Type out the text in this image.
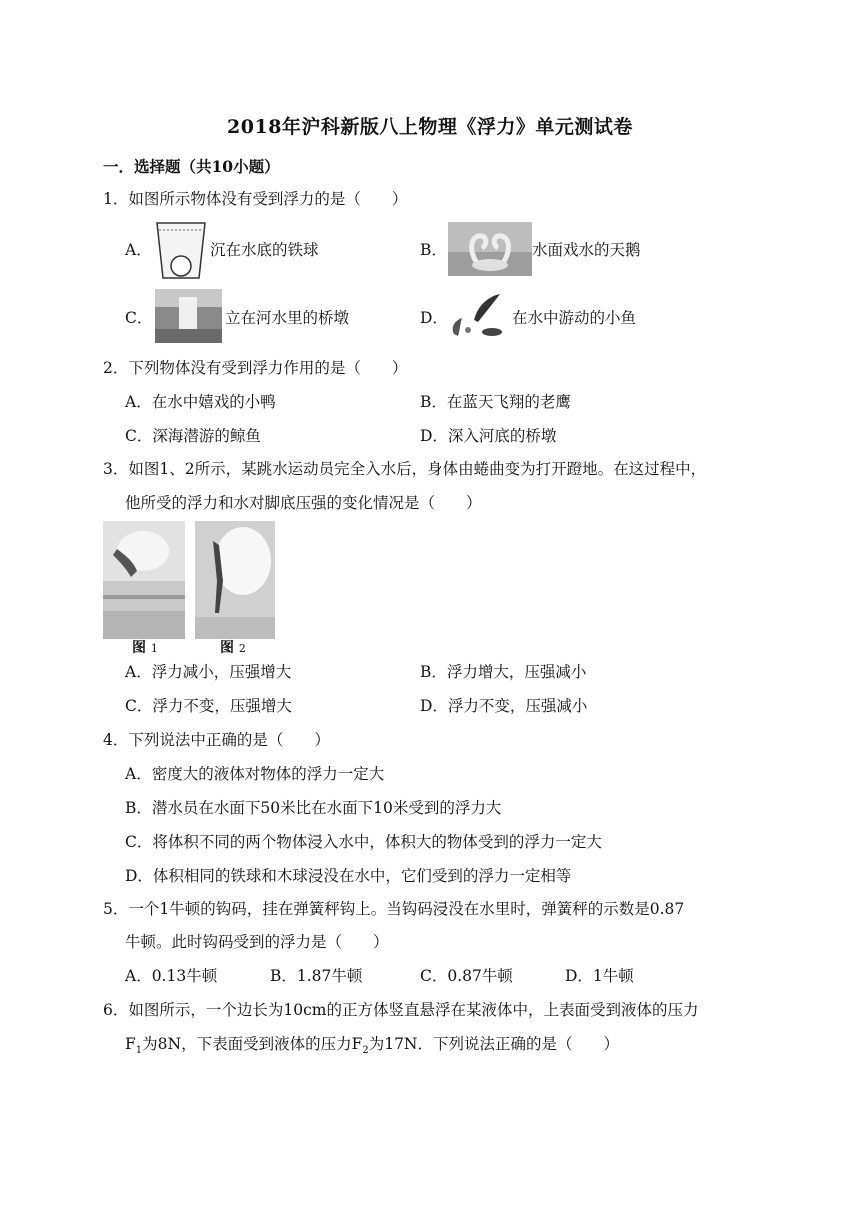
2018年沪科新版八上物理《浮力》单元测试卷
一．选择题（共10小题）
1．如图所示物体没有受到浮力的是（　　）
A．	沉在水底的铁球	B．	水面戏水的天鹅
C．	立在河水里的桥墩	D．	在水中游动的小鱼
2．下列物体没有受到浮力作用的是（　　）
A．在水中嬉戏的小鸭	B．在蓝天飞翔的老鹰
C．深海潜游的鲸鱼	D．深入河底的桥墩
3．如图1、2所示，某跳水运动员完全入水后，身体由蜷曲变为打开蹬地。在这过程中，
他所受的浮力和水对脚底压强的变化情况是（　　）
图 1	图 2
A．浮力减小，压强增大	B．浮力增大，压强减小
C．浮力不变，压强增大	D．浮力不变，压强减小
4．下列说法中正确的是（　　）
A．密度大的液体对物体的浮力一定大
B．潜水员在水面下50米比在水面下10米受到的浮力大
C．将体积不同的两个物体浸入水中，体积大的物体受到的浮力一定大
D．体积相同的铁球和木球浸没在水中，它们受到的浮力一定相等
5．一个1牛顿的钩码，挂在弹簧秤钩上。当钩码浸没在水里时，弹簧秤的示数是0.87
牛顿。此时钩码受到的浮力是（　　）
A．0.13牛顿	B．1.87牛顿	C．0.87牛顿	D．1牛顿
6．如图所示，一个边长为10cm的正方体竖直悬浮在某液体中，上表面受到液体的压力
$F_1$为8N，下表面受到液体的压力$F_2$为17N．下列说法正确的是（　　）
